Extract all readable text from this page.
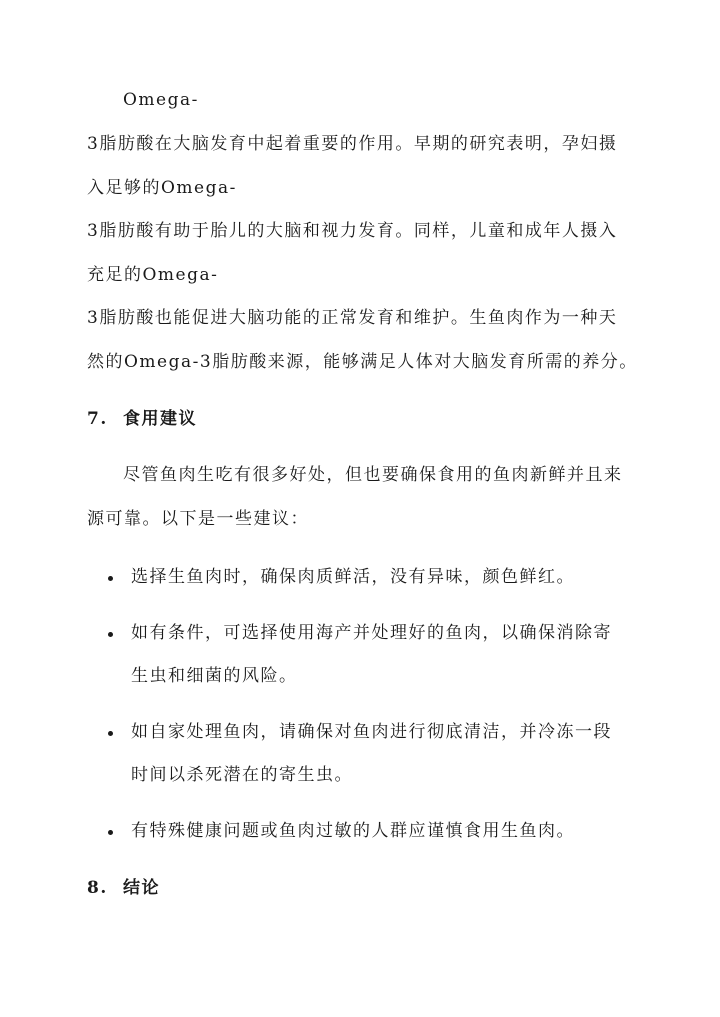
Omega-
3脂肪酸在大脑发育中起着重要的作用。早期的研究表明，孕妇摄
入足够的Omega-
3脂肪酸有助于胎儿的大脑和视力发育。同样，儿童和成年人摄入
充足的Omega-
3脂肪酸也能促进大脑功能的正常发育和维护。生鱼肉作为一种天
然的Omega-3脂肪酸来源，能够满足人体对大脑发育所需的养分。
7. 食用建议
尽管鱼肉生吃有很多好处，但也要确保食用的鱼肉新鲜并且来
源可靠。以下是一些建议：
选择生鱼肉时，确保肉质鲜活，没有异味，颜色鲜红。
如有条件，可选择使用海产并处理好的鱼肉，以确保消除寄
生虫和细菌的风险。
如自家处理鱼肉，请确保对鱼肉进行彻底清洁，并冷冻一段
时间以杀死潜在的寄生虫。
有特殊健康问题或鱼肉过敏的人群应谨慎食用生鱼肉。
8. 结论
